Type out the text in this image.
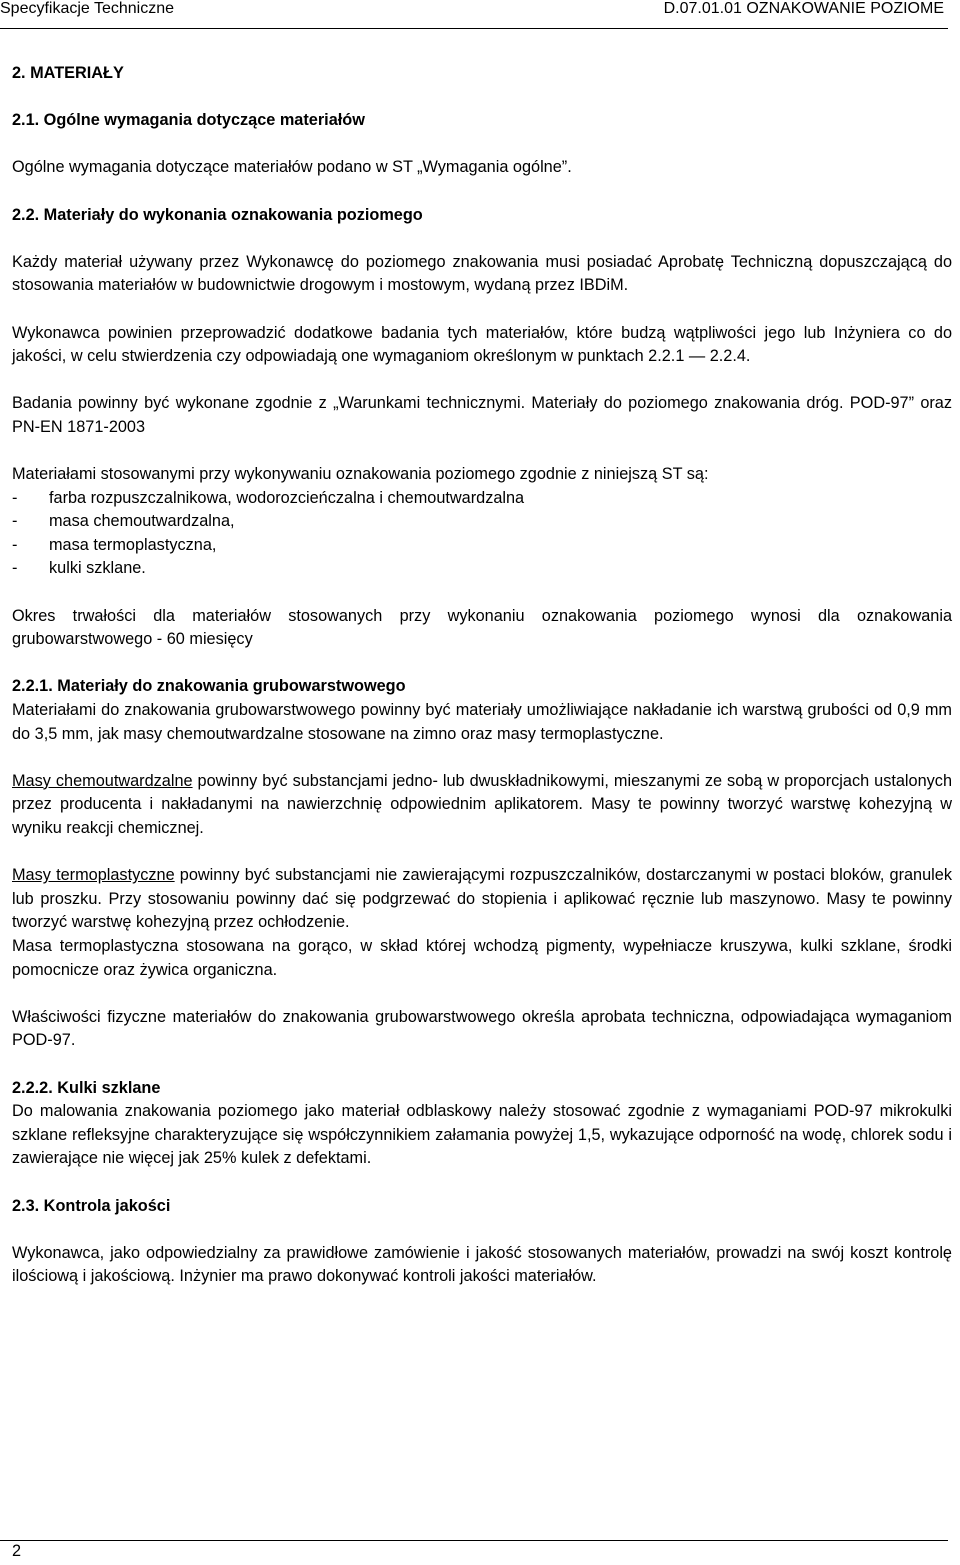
Specyfikacje Techniczne	D.07.01.01 OZNAKOWANIE POZIOME
2. MATERIAŁY
2.1. Ogólne wymagania dotyczące materiałów

Ogólne wymagania dotyczące materiałów podano w ST „Wymagania ogólne”.

2.2. Materiały do wykonania oznakowania poziomego

Każdy materiał używany przez Wykonawcę do poziomego znakowania musi posiadać Aprobatę Techniczną dopuszczającą do stosowania materiałów w budownictwie drogowym i mostowym, wydaną przez IBDiM.

Wykonawca powinien przeprowadzić dodatkowe badania tych materiałów, które budzą wątpliwości jego lub Inżyniera co do jakości, w celu stwierdzenia czy odpowiadają one wymaganiom określonym w punktach 2.2.1 — 2.2.4.

Badania powinny być wykonane zgodnie z „Warunkami technicznymi. Materiały do poziomego znakowania dróg. POD-97” oraz PN-EN 1871-2003

Materiałami stosowanymi przy wykonywaniu oznakowania poziomego zgodnie z niniejszą ST są:

- farba rozpuszczalnikowa, wodorozcieńczalna i chemoutwardzalna
- masa chemoutwardzalna,
- masa termoplastyczna,
- kulki szklane.

Okres trwałości dla materiałów stosowanych przy wykonaniu oznakowania poziomego wynosi dla oznakowania grubowarstwowego - 60 miesięcy

2.2.1. Materiały do znakowania grubowarstwowego

Materiałami do znakowania grubowarstwowego powinny być materiały umożliwiające nakładanie ich warstwą grubości od 0,9 mm do 3,5 mm, jak masy chemoutwardzalne stosowane na zimno oraz masy termoplastyczne.

Masy chemoutwardzalne powinny być substancjami jedno- lub dwuskładnikowymi, mieszanymi ze sobą w proporcjach ustalonych przez producenta i nakładanymi na nawierzchnię odpowiednim aplikatorem. Masy te powinny tworzyć warstwę kohezyjną w wyniku reakcji chemicznej.

Masy termoplastyczne powinny być substancjami nie zawierającymi rozpuszczalników, dostarczanymi w postaci bloków, granulek lub proszku. Przy stosowaniu powinny dać się podgrzewać do stopienia i aplikować ręcznie lub maszynowo. Masy te powinny tworzyć warstwę kohezyjną przez ochłodzenie.

Masa termoplastyczna stosowana na gorąco, w skład której wchodzą pigmenty, wypełniacze kruszywa, kulki szklane, środki pomocnicze oraz żywica organiczna.

Właściwości fizyczne materiałów do znakowania grubowarstwowego określa aprobata techniczna, odpowiadająca wymaganiom POD-97.

2.2.2. Kulki szklane

Do malowania znakowania poziomego jako materiał odblaskowy należy stosować zgodnie z wymaganiami POD-97 mikrokulki szklane refleksyjne charakteryzujące się współczynnikiem załamania powyżej 1,5, wykazujące odporność na wodę, chlorek sodu i zawierające nie więcej jak 25% kulek z defektami.

2.3. Kontrola jakości

Wykonawca, jako odpowiedzialny za prawidłowe zamówienie i jakość stosowanych materiałów, prowadzi na swój koszt kontrolę ilościową i jakościową. Inżynier ma prawo dokonywać kontroli jakości materiałów.

2
